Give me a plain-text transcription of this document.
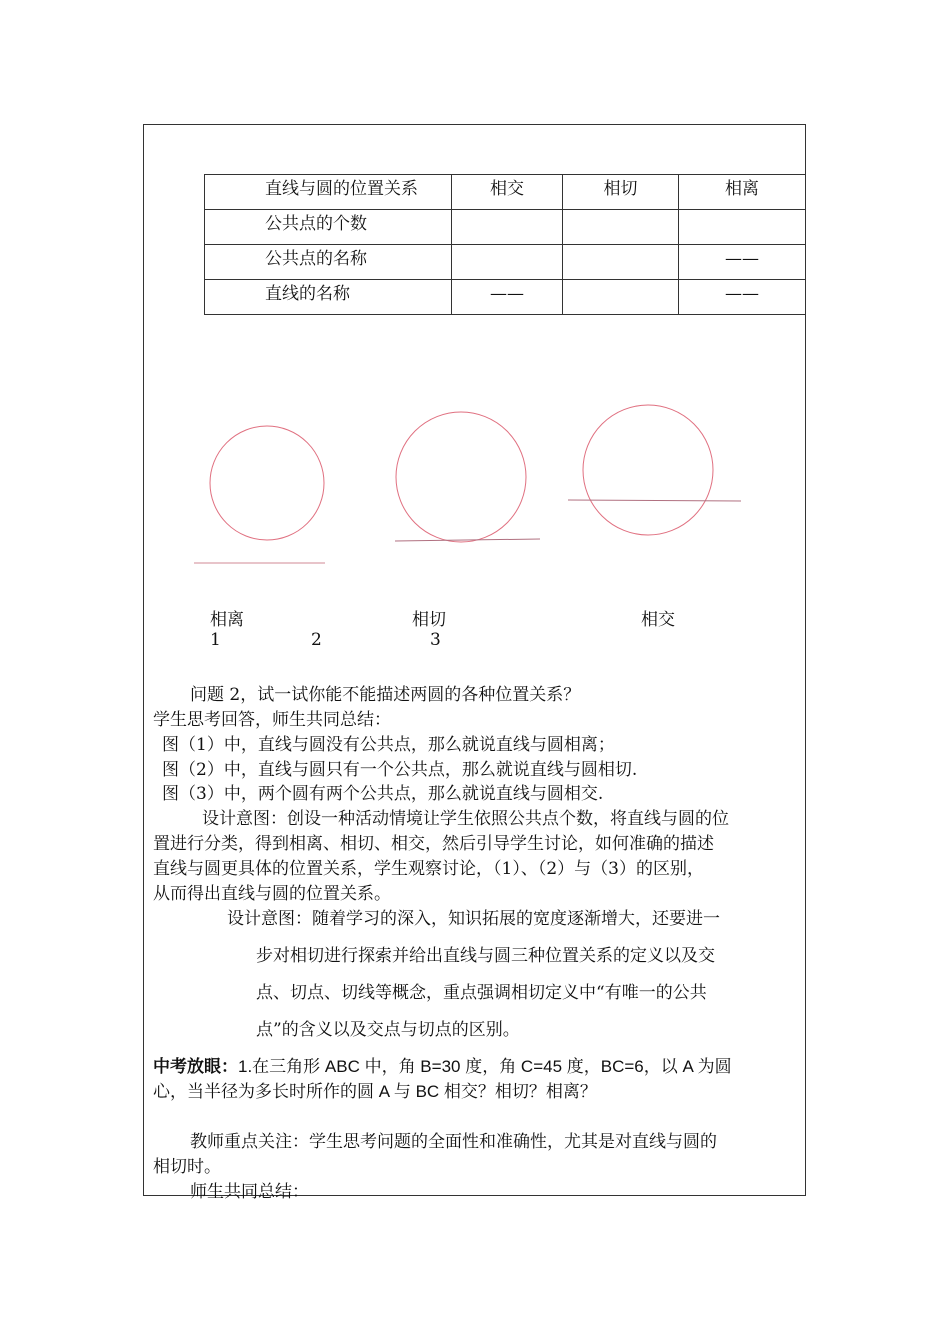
直线与圆的位置关系	相交	相切	相离
公共点的个数			
公共点的名称			——
直线的名称	——		——
相离	相切	相交
1	2	3
问题 2，试一试你能不能描述两圆的各种位置关系？
学生思考回答，师生共同总结：
图（1）中，直线与圆没有公共点，那么就说直线与圆相离；
图（2）中，直线与圆只有一个公共点，那么就说直线与圆相切.
图（3）中，两个圆有两个公共点，那么就说直线与圆相交.
设计意图：创设一种活动情境让学生依照公共点个数，将直线与圆的位
置进行分类，得到相离、相切、相交，然后引导学生讨论，如何准确的描述
直线与圆更具体的位置关系，学生观察讨论，（1）、（2）与（3）的区别，
从而得出直线与圆的位置关系。
设计意图：随着学习的深入，知识拓展的宽度逐渐增大，还要进一
步对相切进行探索并给出直线与圆三种位置关系的定义以及交
点、切点、切线等概念，重点强调相切定义中“有唯一的公共
点”的含义以及交点与切点的区别。
中考放眼：1.在三角形 ABC 中，角 B=30 度，角 C=45 度，BC=6，以 A 为圆
心，当半径为多长时所作的圆 A 与 BC 相交？相切？相离？
教师重点关注：学生思考问题的全面性和准确性，尤其是对直线与圆的
相切时。
师生共同总结：
